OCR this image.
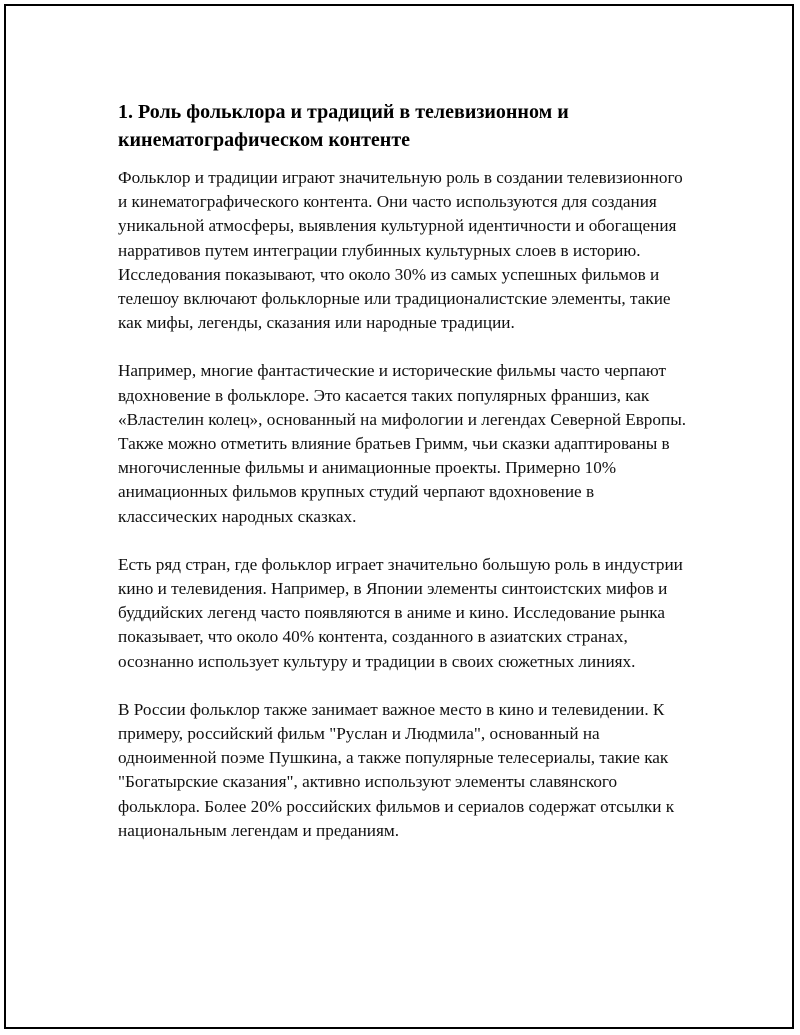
1. Роль фольклора и традиций в телевизионном и кинематографическом контенте

Фольклор и традиции играют значительную роль в создании телевизионного и кинематографического контента. Они часто используются для создания уникальной атмосферы, выявления культурной идентичности и обогащения нарративов путем интеграции глубинных культурных слоев в историю. Исследования показывают, что около 30% из самых успешных фильмов и телешоу включают фольклорные или традиционалистские элементы, такие как мифы, легенды, сказания или народные традиции.

Например, многие фантастические и исторические фильмы часто черпают вдохновение в фольклоре. Это касается таких популярных франшиз, как «Властелин колец», основанный на мифологии и легендах Северной Европы. Также можно отметить влияние братьев Гримм, чьи сказки адаптированы в многочисленные фильмы и анимационные проекты. Примерно 10% анимационных фильмов крупных студий черпают вдохновение в классических народных сказках.

Есть ряд стран, где фольклор играет значительно большую роль в индустрии кино и телевидения. Например, в Японии элементы синтоистских мифов и буддийских легенд часто появляются в аниме и кино. Исследование рынка показывает, что около 40% контента, созданного в азиатских странах, осознанно использует культуру и традиции в своих сюжетных линиях.

В России фольклор также занимает важное место в кино и телевидении. К примеру, российский фильм "Руслан и Людмила", основанный на одноименной поэме Пушкина, а также популярные телесериалы, такие как "Богатырские сказания", активно используют элементы славянского фольклора. Более 20% российских фильмов и сериалов содержат отсылки к национальным легендам и преданиям.
